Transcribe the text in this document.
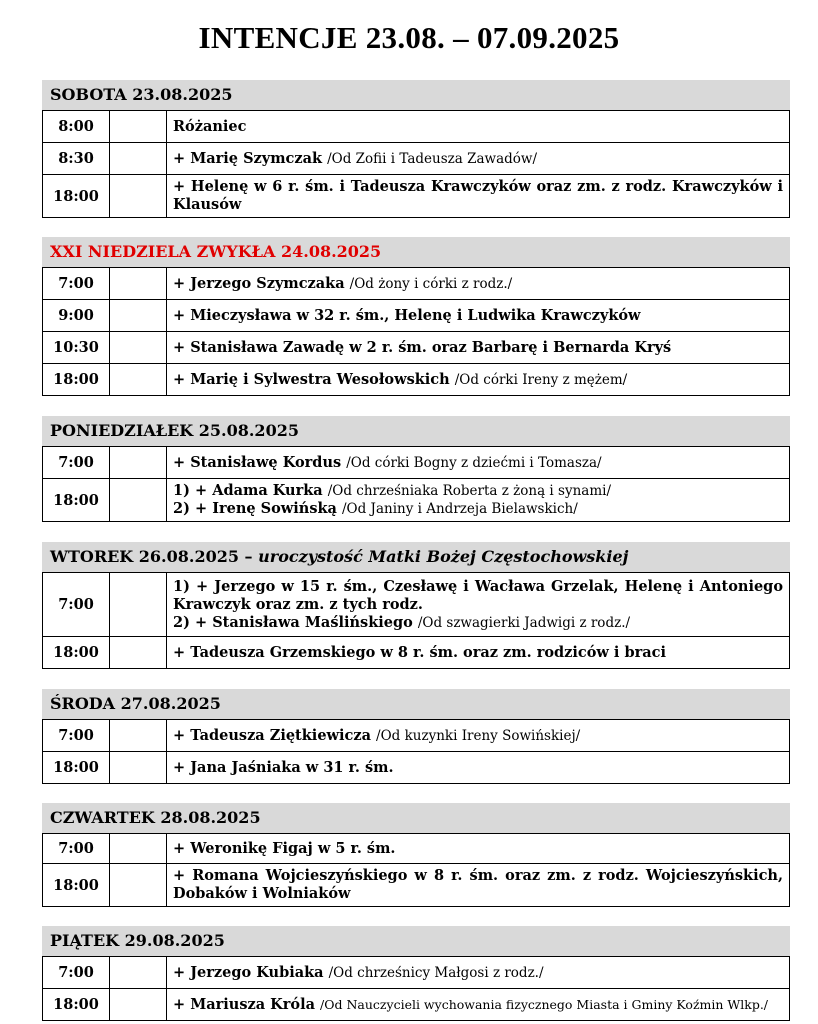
INTENCJE 23.08. – 07.09.2025
SOBOTA 23.08.2025
8:00		Różaniec
8:30		+ Marię Szymczak /Od Zofii i Tadeusza Zawadów/
18:00		+ Helenę w 6 r. śm. i Tadeusza Krawczyków oraz zm. z rodz. Krawczyków i Klausów
XXI NIEDZIELA ZWYKŁA 24.08.2025
7:00		+ Jerzego Szymczaka /Od żony i córki z rodz./
9:00		+ Mieczysława w 32 r. śm., Helenę i Ludwika Krawczyków
10:30		+ Stanisława Zawadę w 2 r. śm. oraz Barbarę i Bernarda Kryś
18:00		+ Marię i Sylwestra Wesołowskich /Od córki Ireny z mężem/
PONIEDZIAŁEK 25.08.2025
7:00		+ Stanisławę Kordus /Od córki Bogny z dziećmi i Tomasza/
18:00		1) + Adama Kurka /Od chrześniaka Roberta z żoną i synami/
2) + Irenę Sowińską /Od Janiny i Andrzeja Bielawskich/
WTOREK 26.08.2025 – uroczystość Matki Bożej Częstochowskiej
7:00		1) + Jerzego w 15 r. śm., Czesławę i Wacława Grzelak, Helenę i Antoniego Krawczyk oraz zm. z tych rodz.
2) + Stanisława Maślińskiego /Od szwagierki Jadwigi z rodz./

18:00		+ Tadeusza Grzemskiego w 8 r. śm. oraz zm. rodziców i braci
ŚRODA 27.08.2025
7:00		+ Tadeusza Ziętkiewicza /Od kuzynki Ireny Sowińskiej/
18:00		+ Jana Jaśniaka w 31 r. śm.
CZWARTEK 28.08.2025
7:00		+ Weronikę Figaj w 5 r. śm.
18:00		+ Romana Wojcieszyńskiego w 8 r. śm. oraz zm. z rodz. Wojcieszyńskich, Dobaków i Wolniaków
PIĄTEK 29.08.2025
7:00		+ Jerzego Kubiaka /Od chrześnicy Małgosi z rodz./
18:00		+ Mariusza Króla /Od Nauczycieli wychowania fizycznego Miasta i Gminy Koźmin Wlkp./
